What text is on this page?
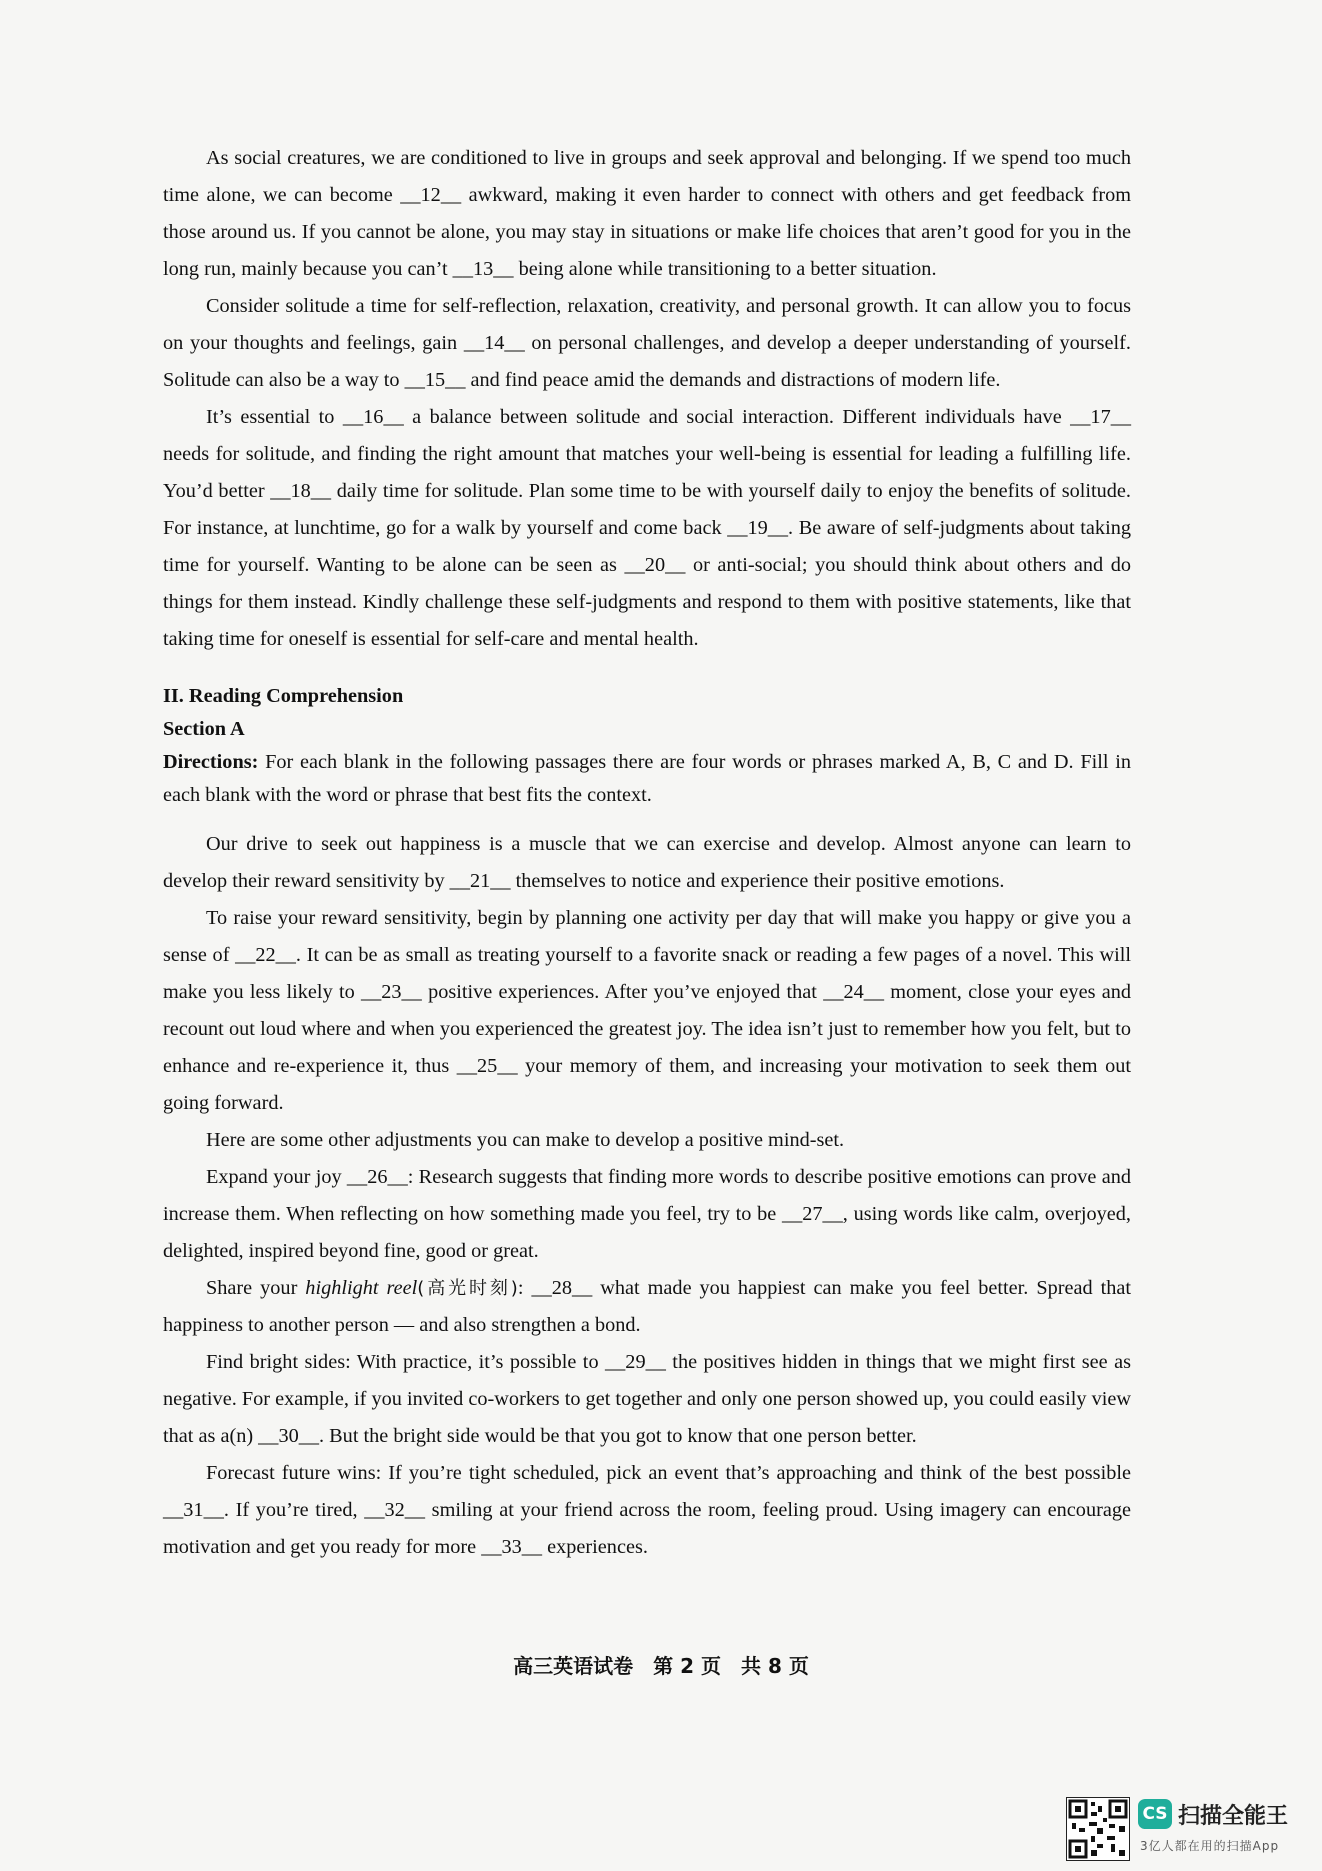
As social creatures, we are conditioned to live in groups and seek approval and belonging. If we spend too much time alone, we can become __12__ awkward, making it even harder to connect with others and get feedback from those around us. If you cannot be alone, you may stay in situations or make life choices that aren’t good for you in the long run, mainly because you can’t __13__ being alone while transitioning to a better situation.

Consider solitude a time for self-reflection, relaxation, creativity, and personal growth. It can allow you to focus on your thoughts and feelings, gain __14__ on personal challenges, and develop a deeper understanding of yourself. Solitude can also be a way to __15__ and find peace amid the demands and distractions of modern life.

It’s essential to __16__ a balance between solitude and social interaction. Different individuals have __17__ needs for solitude, and finding the right amount that matches your well-being is essential for leading a fulfilling life. You’d better __18__ daily time for solitude. Plan some time to be with yourself daily to enjoy the benefits of solitude. For instance, at lunchtime, go for a walk by yourself and come back __19__. Be aware of self-judgments about taking time for yourself. Wanting to be alone can be seen as __20__ or anti-social; you should think about others and do things for them instead. Kindly challenge these self-judgments and respond to them with positive statements, like that taking time for oneself is essential for self-care and mental health.

II. Reading Comprehension

Section A

Directions: For each blank in the following passages there are four words or phrases marked A, B, C and D. Fill in each blank with the word or phrase that best fits the context.

Our drive to seek out happiness is a muscle that we can exercise and develop. Almost anyone can learn to develop their reward sensitivity by __21__ themselves to notice and experience their positive emotions.

To raise your reward sensitivity, begin by planning one activity per day that will make you happy or give you a sense of __22__. It can be as small as treating yourself to a favorite snack or reading a few pages of a novel. This will make you less likely to __23__ positive experiences. After you’ve enjoyed that __24__ moment, close your eyes and recount out loud where and when you experienced the greatest joy. The idea isn’t just to remember how you felt, but to enhance and re-experience it, thus __25__ your memory of them, and increasing your motivation to seek them out going forward.

Here are some other adjustments you can make to develop a positive mind-set.

Expand your joy __26__: Research suggests that finding more words to describe positive emotions can prove and increase them. When reflecting on how something made you feel, try to be __27__, using words like calm, overjoyed, delighted, inspired beyond fine, good or great.

Share your highlight reel(高光时刻): __28__ what made you happiest can make you feel better. Spread that happiness to another person — and also strengthen a bond.

Find bright sides: With practice, it’s possible to __29__ the positives hidden in things that we might first see as negative. For example, if you invited co-workers to get together and only one person showed up, you could easily view that as a(n) __30__. But the bright side would be that you got to know that one person better.

Forecast future wins: If you’re tight scheduled, pick an event that’s approaching and think of the best possible __31__. If you’re tired, __32__ smiling at your friend across the room, feeling proud. Using imagery can encourage motivation and get you ready for more __33__ experiences.

高三英语试卷　第 2 页　共 8 页
CS 扫描全能王
3亿人都在用的扫描App
